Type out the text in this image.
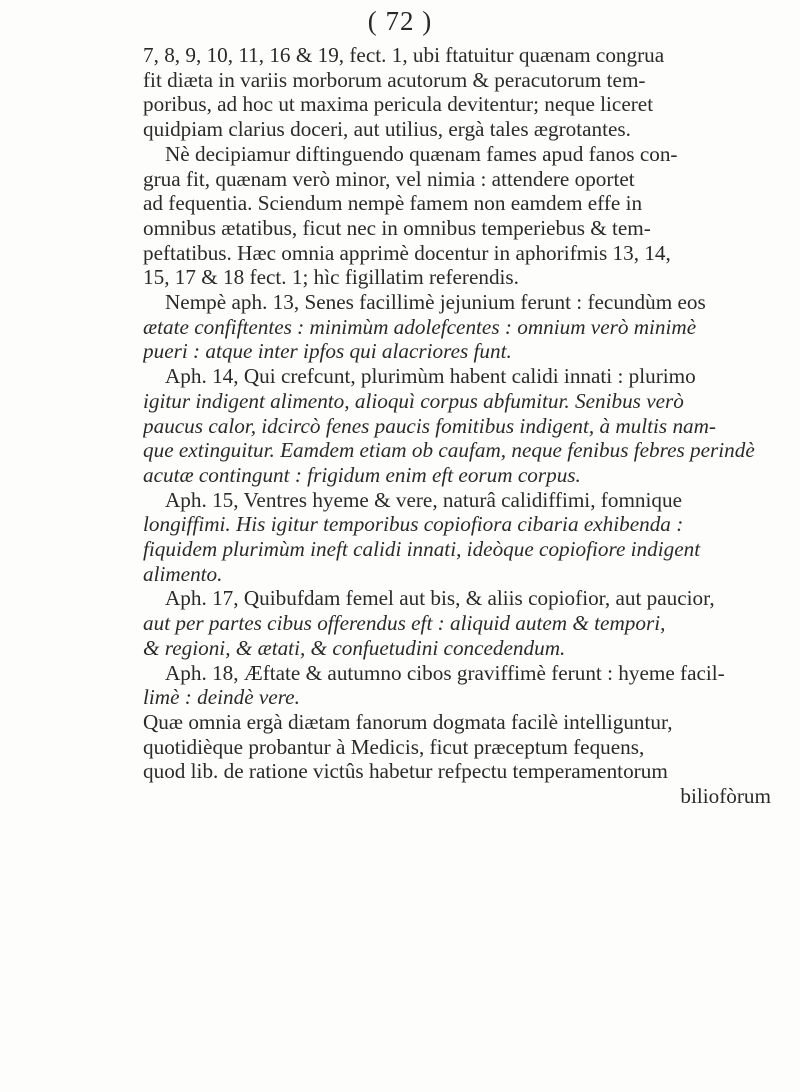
( 72 )
7, 8, 9, 10, 11, 16 & 19, fect. 1, ubi ftatuitur quænam congrua
fit diæta in variis morborum acutorum & peracutorum tem-
poribus, ad hoc ut maxima pericula devitentur; neque liceret
quidpiam clarius doceri, aut utilius, ergà tales ægrotantes.
Nè decipiamur diftinguendo quænam fames apud fanos con-
grua fit, quænam verò minor, vel nimia : attendere oportet
ad fequentia. Sciendum nempè famem non eamdem effe in
omnibus ætatibus, ficut nec in omnibus temperiebus & tem-
peftatibus. Hæc omnia apprimè docentur in aphorifmis 13, 14,
15, 17 & 18 fect. 1; hìc figillatim referendis.
Nempè aph. 13, Senes facillimè jejunium ferunt : fecundùm eos
ætate confiftentes : minimùm adolefcentes : omnium verò minimè
pueri : atque inter ipfos qui alacriores funt.
Aph. 14, Qui crefcunt, plurimùm habent calidi innati : plurimo
igitur indigent alimento, alioquì corpus abfumitur. Senibus verò
paucus calor, idcircò fenes paucis fomitibus indigent, à multis nam-
que extinguitur. Eamdem etiam ob caufam, neque fenibus febres perindè
acutæ contingunt : frigidum enim eft eorum corpus.
Aph. 15, Ventres hyeme & vere, naturâ calidiffimi, fomnique
longiffimi. His igitur temporibus copiofiora cibaria exhibenda :
fiquidem plurimùm ineft calidi innati, ideòque copiofiore indigent
alimento.
Aph. 17, Quibufdam femel aut bis, & aliis copiofior, aut paucior,
aut per partes cibus offerendus eft : aliquid autem & tempori,
& regioni, & ætati, & confuetudini concedendum.
Aph. 18, Æftate & autumno cibos graviffimè ferunt : hyeme facil-
limè : deindè vere.
Quæ omnia ergà diætam fanorum dogmata facilè intelliguntur,
quotidièque probantur à Medicis, ficut præceptum fequens,
quod lib. de ratione victûs habetur refpectu temperamentorum
biliofòrum
